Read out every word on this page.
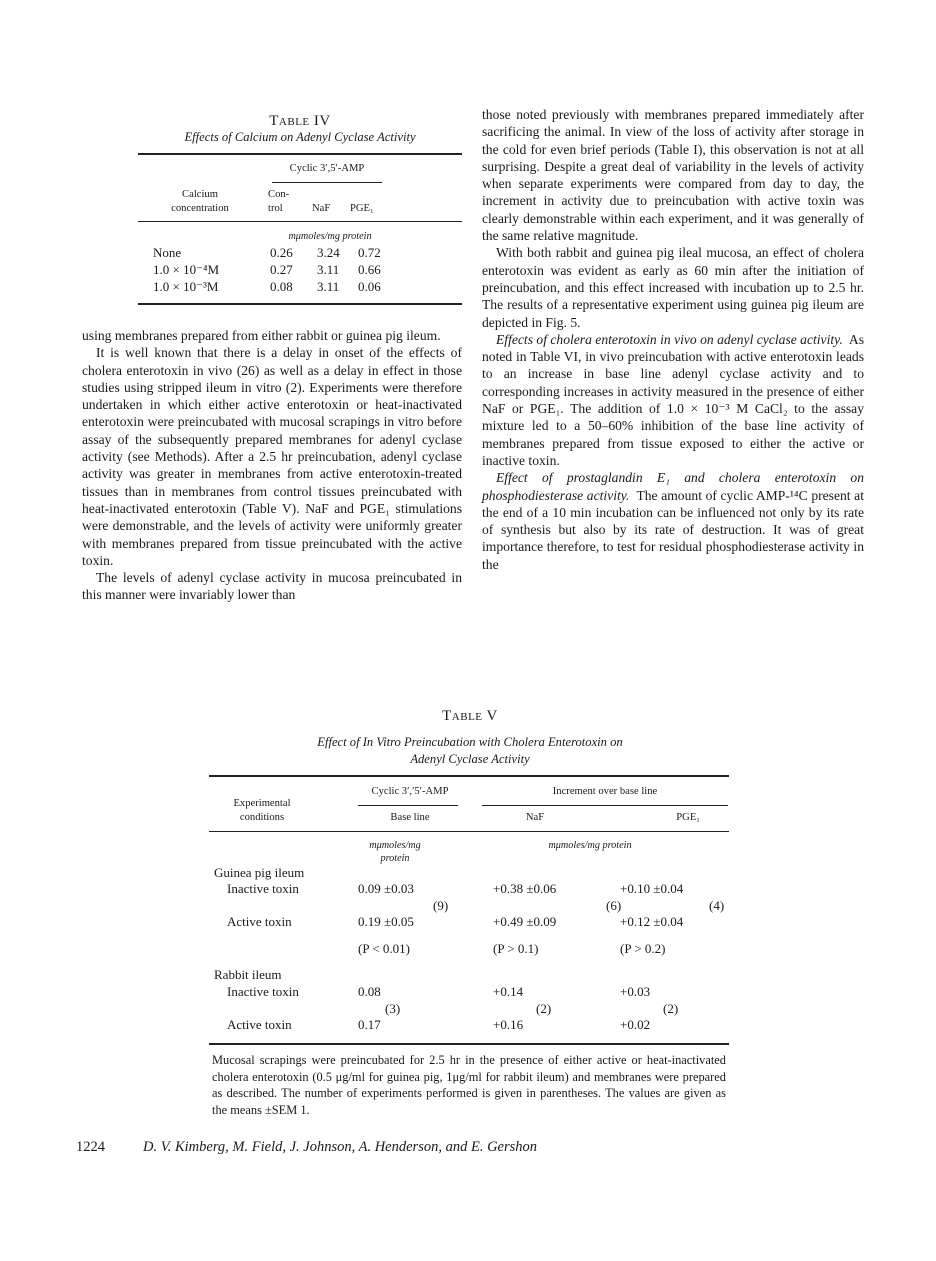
Table IV
Effects of Calcium on Adenyl Cyclase Activity
Cyclic 3′,5′-AMP
Calcium
concentration
Con-
trol	NaF	PGE₁
mμmoles/mg protein
None	0.26 3.24 0.72
1.0 × 10⁻⁴M	0.27 3.11 0.66
1.0 × 10⁻³M	0.08 3.11 0.06

using membranes prepared from either rabbit or guinea pig ileum.

It is well known that there is a delay in onset of the effects of cholera enterotoxin in vivo (26) as well as a delay in effect in those studies using stripped ileum in vitro (2). Experiments were therefore undertaken in which either active enterotoxin or heat-inactivated enterotoxin were preincubated with mucosal scrapings in vitro before assay of the subsequently prepared membranes for adenyl cyclase activity (see Methods). After a 2.5 hr preincubation, adenyl cyclase activity was greater in membranes from active enterotoxin-treated tissues than in membranes from control tissues preincubated with heat-inactivated enterotoxin (Table V). NaF and PGE₁ stimulations were demonstrable, and the levels of activity were uniformly greater with membranes prepared from tissue preincubated with the active toxin.

The levels of adenyl cyclase activity in mucosa preincubated in this manner were invariably lower than

those noted previously with membranes prepared immediately after sacrificing the animal. In view of the loss of activity after storage in the cold for even brief periods (Table I), this observation is not at all surprising. Despite a great deal of variability in the levels of activity when separate experiments were compared from day to day, the increment in activity due to preincubation with active toxin was clearly demonstrable within each experiment, and it was generally of the same relative magnitude.

With both rabbit and guinea pig ileal mucosa, an effect of cholera enterotoxin was evident as early as 60 min after the initiation of preincubation, and this effect increased with incubation up to 2.5 hr. The results of a representative experiment using guinea pig ileum are depicted in Fig. 5.

Effects of cholera enterotoxin in vivo on adenyl cyclase activity. As noted in Table VI, in vivo preincubation with active enterotoxin leads to an increase in base line adenyl cyclase activity and to corresponding increases in activity measured in the presence of either NaF or PGE₁. The addition of 1.0 × 10⁻³ M CaCl₂ to the assay mixture led to a 50–60% inhibition of the base line activity of membranes prepared from tissue exposed to either the active or inactive toxin.

Effect of prostaglandin E₁ and cholera enterotoxin on phosphodiesterase activity. The amount of cyclic AMP-¹⁴C present at the end of a 10 min incubation can be influenced not only by its rate of synthesis but also by its rate of destruction. It was of great importance therefore, to test for residual phosphodiesterase activity in the

Table V
Effect of In Vitro Preincubation with Cholera Enterotoxin on
Adenyl Cyclase Activity
Experimental
conditions
Cyclic 3′,′5′-AMP
Base line
Increment over base line
NaF	PGE₁
mμmoles/mg
protein
mμmoles/mg protein
Guinea pig ileum
Inactive toxin	0.09 ±0.03	+0.38 ±0.06	+0.10 ±0.04
(9)	(6)	(4)
Active toxin	0.19 ±0.05	+0.49 ±0.09	+0.12 ±0.04
(P < 0.01)	(P > 0.1)	(P > 0.2)
Rabbit ileum
Inactive toxin	0.08	+0.14	+0.03
(3)	(2)	(2)
Active toxin	0.17	+0.16	+0.02
Mucosal scrapings were preincubated for 2.5 hr in the presence of either active or heat-inactivated cholera enterotoxin (0.5 μg/ml for guinea pig, 1μg/ml for rabbit ileum) and membranes were prepared as described. The number of experiments performed is given in parentheses. The values are given as the means ±SEM 1.
1224	D. V. Kimberg, M. Field, J. Johnson, A. Henderson, and E. Gershon
